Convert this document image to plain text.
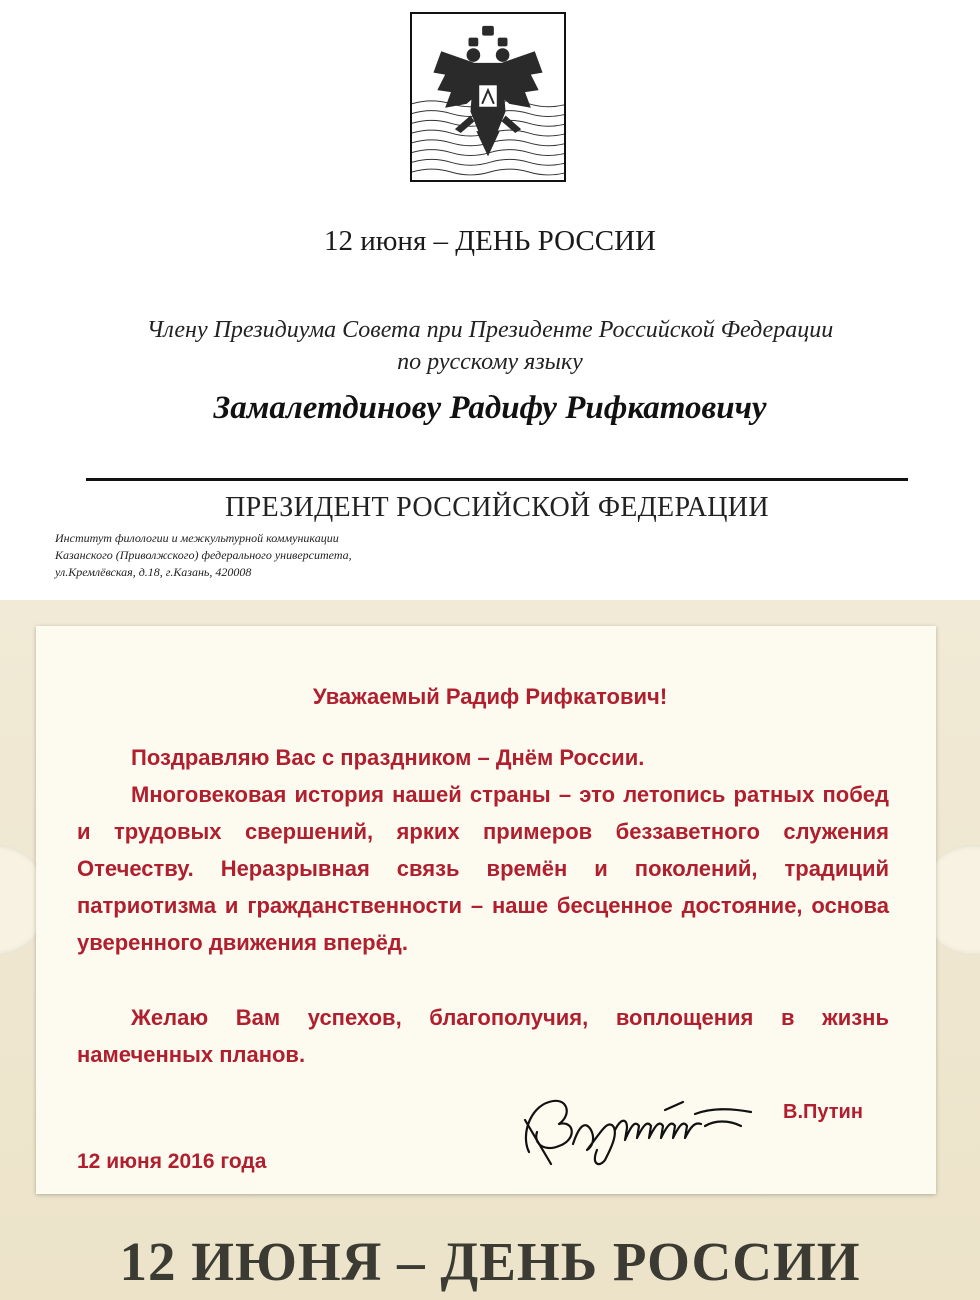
12 июня – ДЕНЬ РОССИИ
Члену Президиума Совета при Президенте Российской Федерации
по русскому языку
Замалетдинову Радифу Рифкатовичу
ПРЕЗИДЕНТ РОССИЙСКОЙ ФЕДЕРАЦИИ
Институт филологии и межкультурной коммуникации
Казанского (Приволжского) федерального университета,
ул.Кремлёвская, д.18, г.Казань, 420008
Уважаемый Радиф Рифкатович!
Поздравляю Вас с праздником – Днём России.
Многовековая история нашей страны – это летопись ратных побед и трудовых свершений, ярких примеров беззаветного служения Отечеству. Неразрывная связь времён и поколений, традиций патриотизма и гражданственности – наше бесценное достояние, основа уверенного движения вперёд.
Желаю Вам успехов, благополучия, воплощения в жизнь намеченных планов.
В.Путин
12 июня 2016 года
12 ИЮНЯ – ДЕНЬ РОССИИ
